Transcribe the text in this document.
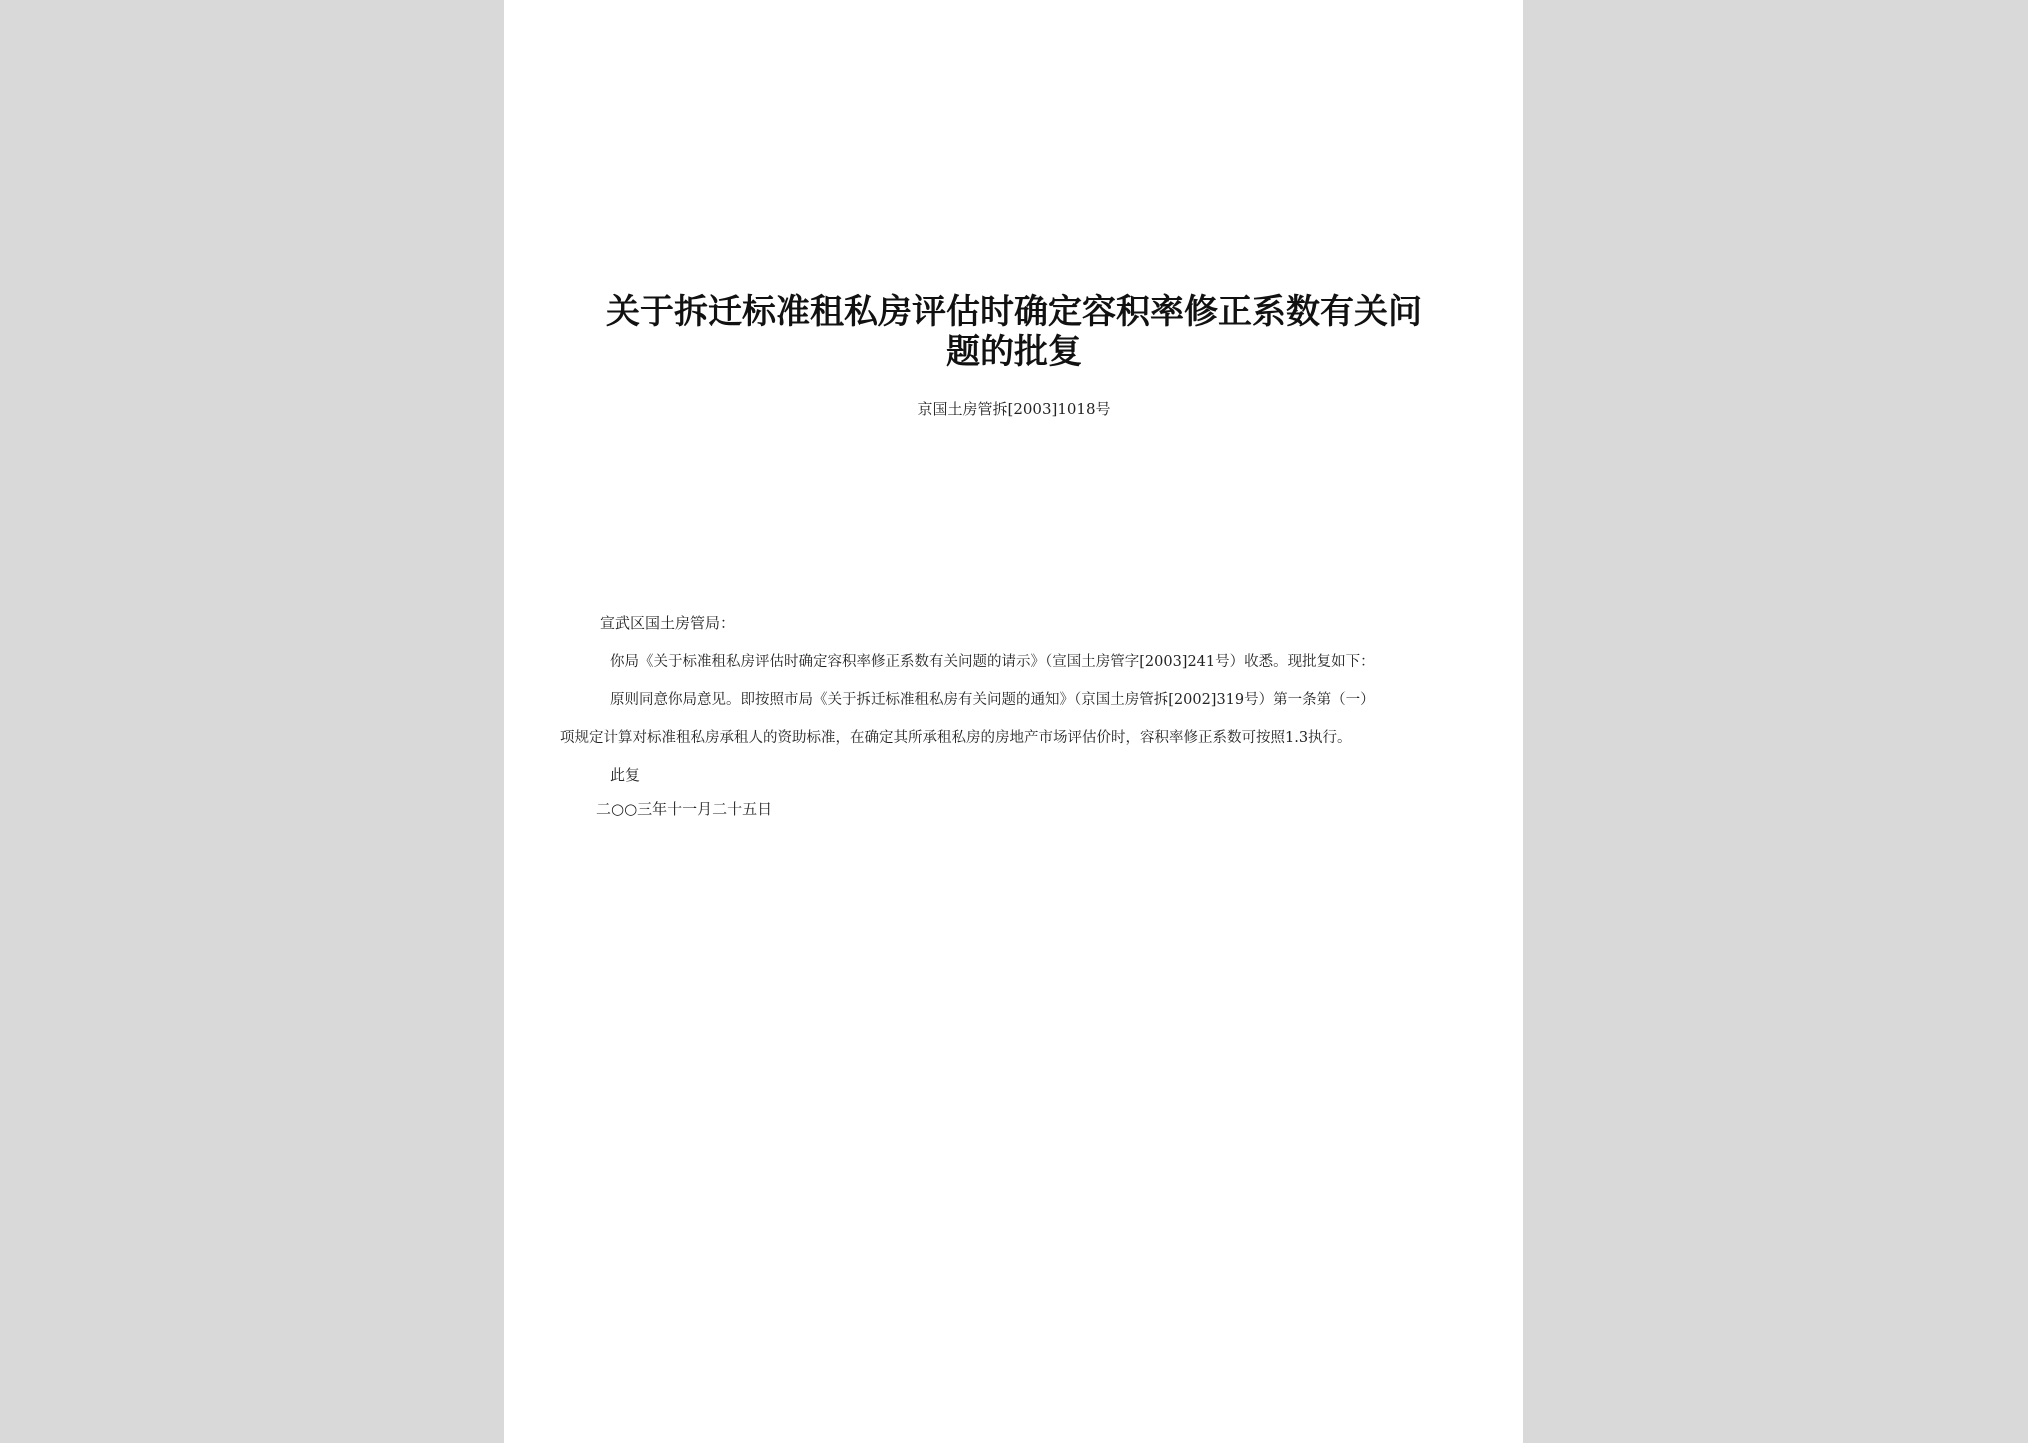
关于拆迁标准租私房评估时确定容积率修正系数有关问
题的批复
京国土房管拆[2003]1018号
宣武区国土房管局：
你局《关于标准租私房评估时确定容积率修正系数有关问题的请示》（宣国土房管字[2003]241号）收悉。现批复如下：
原则同意你局意见。即按照市局《关于拆迁标准租私房有关问题的通知》（京国土房管拆[2002]319号）第一条第（一）
项规定计算对标准租私房承租人的资助标准，在确定其所承租私房的房地产市场评估价时，容积率修正系数可按照1.3执行。
此复
二○○三年十一月二十五日
